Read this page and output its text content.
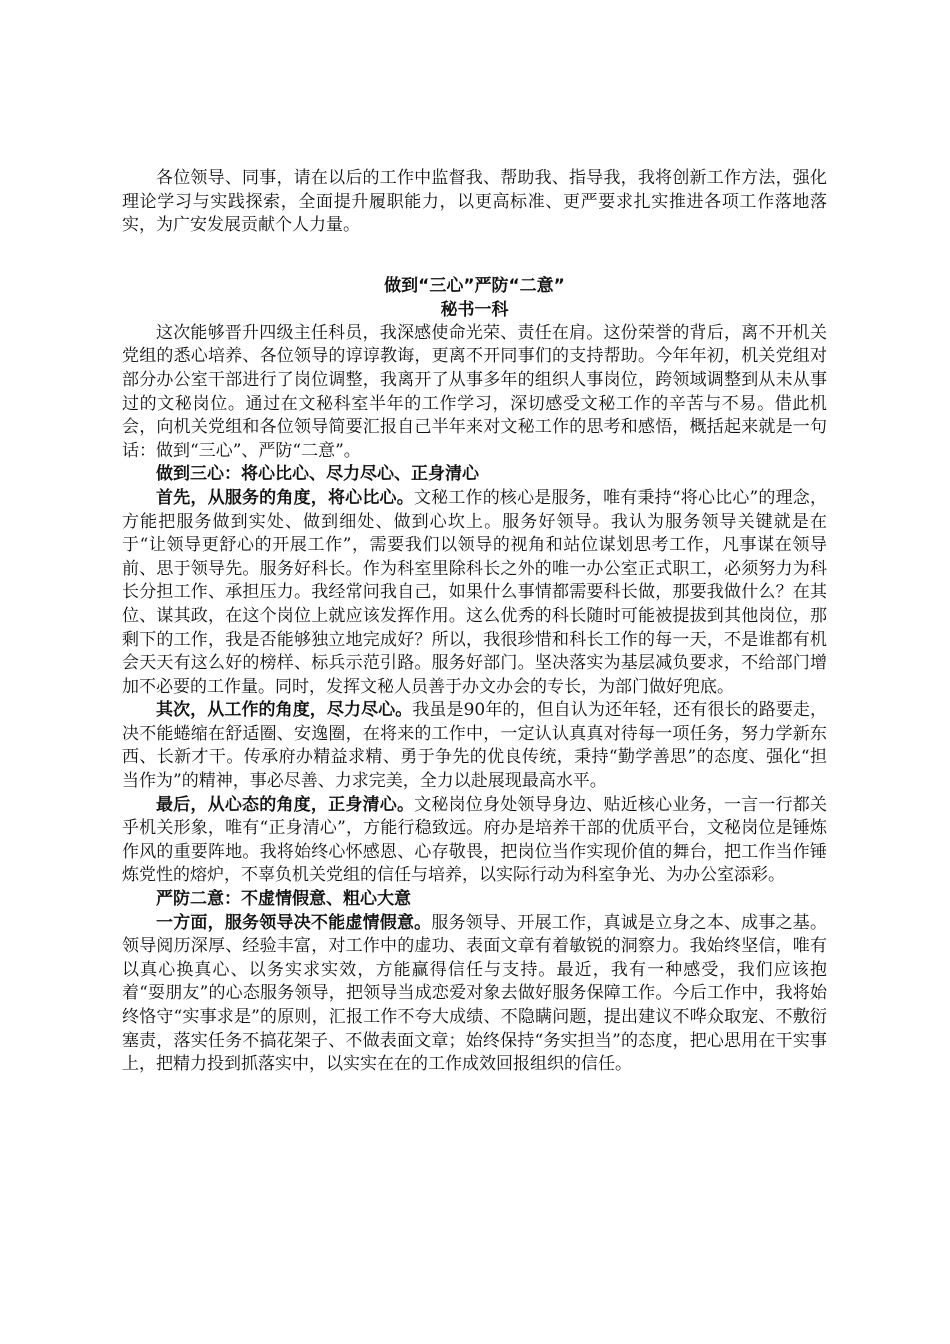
各位领导、同事，请在以后的工作中监督我、帮助我、指导我，我将创新工作方法，强化理论学习与实践探索，全面提升履职能力，以更高标准、更严要求扎实推进各项工作落地落实，为广安发展贡献个人力量。

做到“三心”严防“二意”

秘书一科

这次能够晋升四级主任科员，我深感使命光荣、责任在肩。这份荣誉的背后，离不开机关党组的悉心培养、各位领导的谆谆教诲，更离不开同事们的支持帮助。今年年初，机关党组对部分办公室干部进行了岗位调整，我离开了从事多年的组织人事岗位，跨领域调整到从未从事过的文秘岗位。通过在文秘科室半年的工作学习，深切感受文秘工作的辛苦与不易。借此机会，向机关党组和各位领导简要汇报自己半年来对文秘工作的思考和感悟，概括起来就是一句话：做到“三心”、严防“二意”。

做到三心：将心比心、尽力尽心、正身清心

首先，从服务的角度，将心比心。文秘工作的核心是服务，唯有秉持“将心比心”的理念，方能把服务做到实处、做到细处、做到心坎上。服务好领导。我认为服务领导关键就是在于“让领导更舒心的开展工作”，需要我们以领导的视角和站位谋划思考工作，凡事谋在领导前、思于领导先。服务好科长。作为科室里除科长之外的唯一办公室正式职工，必须努力为科长分担工作、承担压力。我经常问我自己，如果什么事情都需要科长做，那要我做什么？在其位、谋其政，在这个岗位上就应该发挥作用。这么优秀的科长随时可能被提拔到其他岗位，那剩下的工作，我是否能够独立地完成好？所以，我很珍惜和科长工作的每一天，不是谁都有机会天天有这么好的榜样、标兵示范引路。服务好部门。坚决落实为基层减负要求，不给部门增加不必要的工作量。同时，发挥文秘人员善于办文办会的专长，为部门做好兜底。

其次，从工作的角度，尽力尽心。我虽是90年的，但自认为还年轻，还有很长的路要走，决不能蜷缩在舒适圈、安逸圈，在将来的工作中，一定认认真真对待每一项任务，努力学新东西、长新才干。传承府办精益求精、勇于争先的优良传统，秉持“勤学善思”的态度、强化“担当作为”的精神，事必尽善、力求完美，全力以赴展现最高水平。

最后，从心态的角度，正身清心。文秘岗位身处领导身边、贴近核心业务，一言一行都关乎机关形象，唯有“正身清心”，方能行稳致远。府办是培养干部的优质平台，文秘岗位是锤炼作风的重要阵地。我将始终心怀感恩、心存敬畏，把岗位当作实现价值的舞台，把工作当作锤炼党性的熔炉，不辜负机关党组的信任与培养，以实际行动为科室争光、为办公室添彩。

严防二意：不虚情假意、粗心大意

一方面，服务领导决不能虚情假意。服务领导、开展工作，真诚是立身之本、成事之基。领导阅历深厚、经验丰富，对工作中的虚功、表面文章有着敏锐的洞察力。我始终坚信，唯有以真心换真心、以务实求实效，方能赢得信任与支持。最近，我有一种感受，我们应该抱着“耍朋友”的心态服务领导，把领导当成恋爱对象去做好服务保障工作。今后工作中，我将始终恪守“实事求是”的原则，汇报工作不夸大成绩、不隐瞒问题，提出建议不哗众取宠、不敷衍塞责，落实任务不搞花架子、不做表面文章；始终保持“务实担当”的态度，把心思用在干实事上，把精力投到抓落实中，以实实在在的工作成效回报组织的信任。
